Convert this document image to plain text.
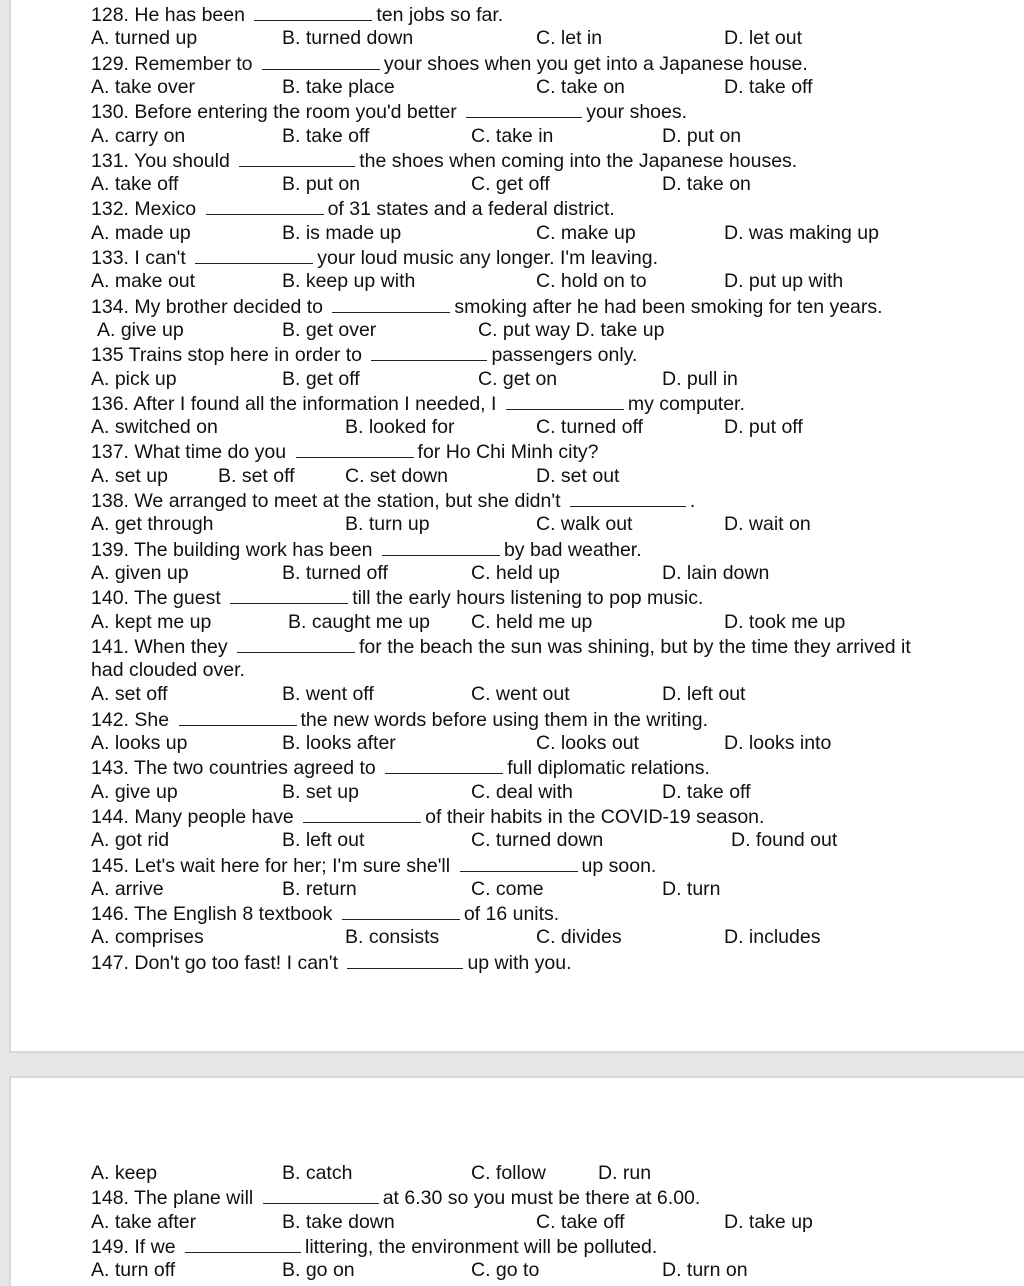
128. He has been	ten jobs so far.
A. turned up	B. turned down	C. let in	D. let out
129. Remember to	your shoes when you get into a Japanese house.
A. take over	B. take place	C. take on	D. take off
130. Before entering the room you'd better	your shoes.
A. carry on	B. take off	C. take in	D. put on
131. You should	the shoes when coming into the Japanese houses.
A. take off	B. put on	C. get off	D. take on
132. Mexico	of 31 states and a federal district.
A. made up	B. is made up	C. make up	D. was making up
133. I can't	your loud music any longer. I'm leaving.
A. make out	B. keep up with	C. hold on to	D. put up with
134. My brother decided to	smoking after he had been smoking for ten years.
A. give up	B. get over	C. put way D. take up
135 Trains stop here in order to	passengers only.
A. pick up	B. get off	C. get on	D. pull in
136. After I found all the information I needed, I	my computer.
A. switched on	B. looked for	C. turned off	D. put off
137. What time do you	for Ho Chi Minh city?
A. set up	B. set off	C. set down	D. set out
138. We arranged to meet at the station, but she didn't	.
A. get through	B. turn up	C. walk out	D. wait on
139. The building work has been	by bad weather.
A. given up	B. turned off	C. held up	D. lain down
140. The guest	till the early hours listening to pop music.
A. kept me up	B. caught me up C. held me up	D. took me up
141. When they	for the beach the sun was shining, but by the time they arrived it
had clouded over.
A. set off	B. went off	C. went out	D. left out
142. She	the new words before using them in the writing.
A. looks up	B. looks after	C. looks out	D. looks into
143. The two countries agreed to	full diplomatic relations.
A. give up	B. set up	C. deal with	D. take off
144. Many people have	of their habits in the COVID-19 season.
A. got rid	B. left out	C. turned down	D. found out
145. Let's wait here for her; I'm sure she'll	up soon.
A. arrive	B. return	C. come	D. turn
146. The English 8 textbook	of 16 units.
A. comprises	B. consists	C. divides	D. includes
147. Don't go too fast! I can't	up with you.
A. keep	B. catch	C. follow	D. run
148. The plane will	at 6.30 so you must be there at 6.00.
A. take after	B. take down	C. take off	D. take up
149. If we	littering, the environment will be polluted.
A. turn off	B. go on	C. go to	D. turn on
